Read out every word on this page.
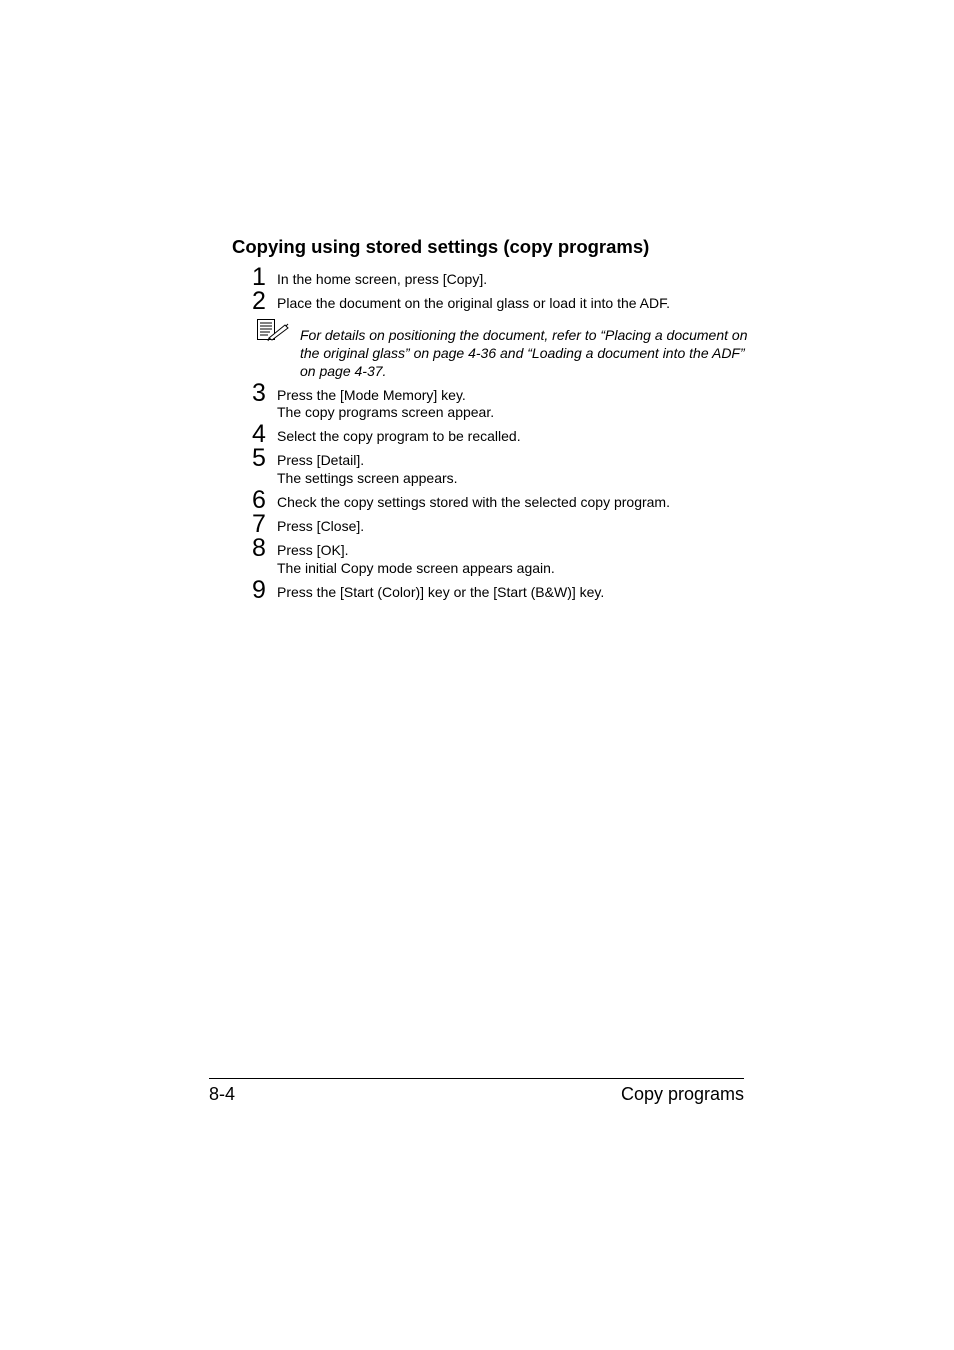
Copying using stored settings (copy programs)
1 In the home screen, press [Copy].
2 Place the document on the original glass or load it into the ADF.
For details on positioning the document, refer to “Placing a document on the original glass” on page 4-36 and “Loading a document into the ADF” on page 4-37.
3 Press the [Mode Memory] key.
The copy programs screen appear.
4 Select the copy program to be recalled.
5 Press [Detail].
The settings screen appears.
6 Check the copy settings stored with the selected copy program.
7 Press [Close].
8 Press [OK].
The initial Copy mode screen appears again.
9 Press the [Start (Color)] key or the [Start (B&W)] key.
8-4	Copy programs
